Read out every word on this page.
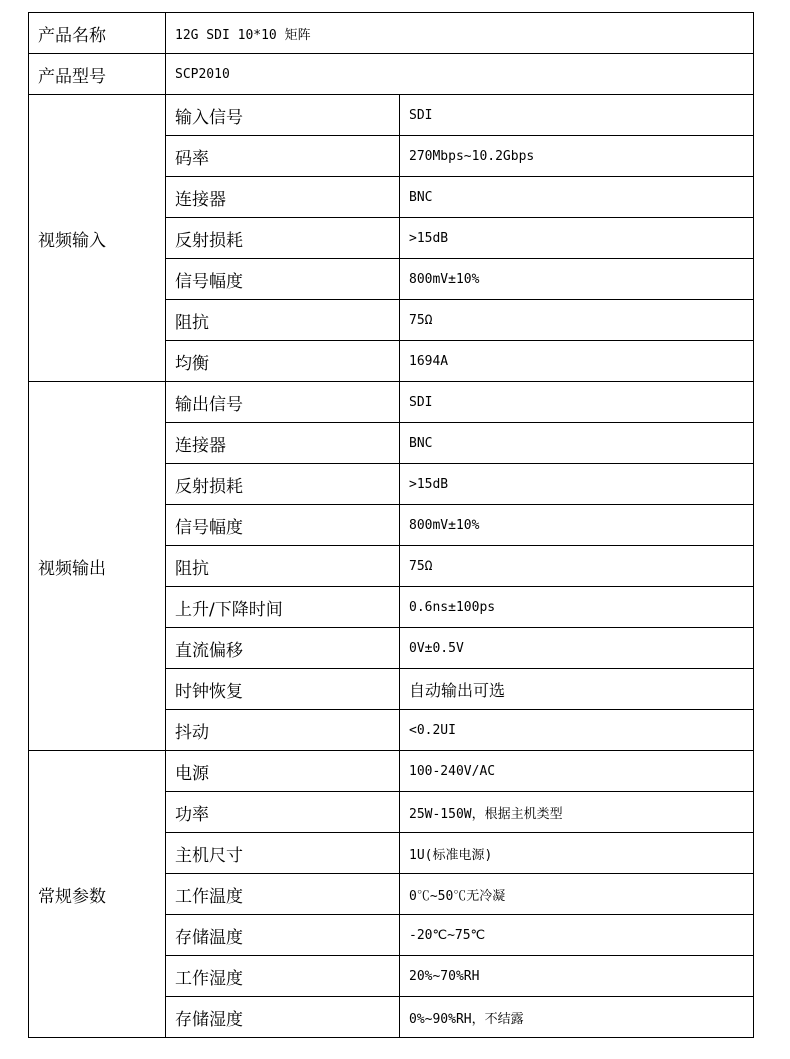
产品名称	12G SDI 10*10 矩阵	
产品型号	SCP2010	
视频输入	输入信号	SDI
	码率	270Mbps~10.2Gbps
	连接器	BNC
	反射损耗	>15dB
	信号幅度	800mV±10%
	阻抗	75Ω
	均衡	1694A
视频输出	输出信号	SDI
	连接器	BNC
	反射损耗	>15dB
	信号幅度	800mV±10%
	阻抗	75Ω
	上升/下降时间	0.6ns±100ps
	直流偏移	0V±0.5V
	时钟恢复	自动输出可选
	抖动	<0.2UI
常规参数	电源	100-240V/AC
	功率	25W-150W，根据主机类型
	主机尺寸	1U(标准电源)
	工作温度	0℃~50℃无冷凝
	存储温度	-20℃~75℃
	工作湿度	20%~70%RH
	存储湿度	0%~90%RH，不结露
